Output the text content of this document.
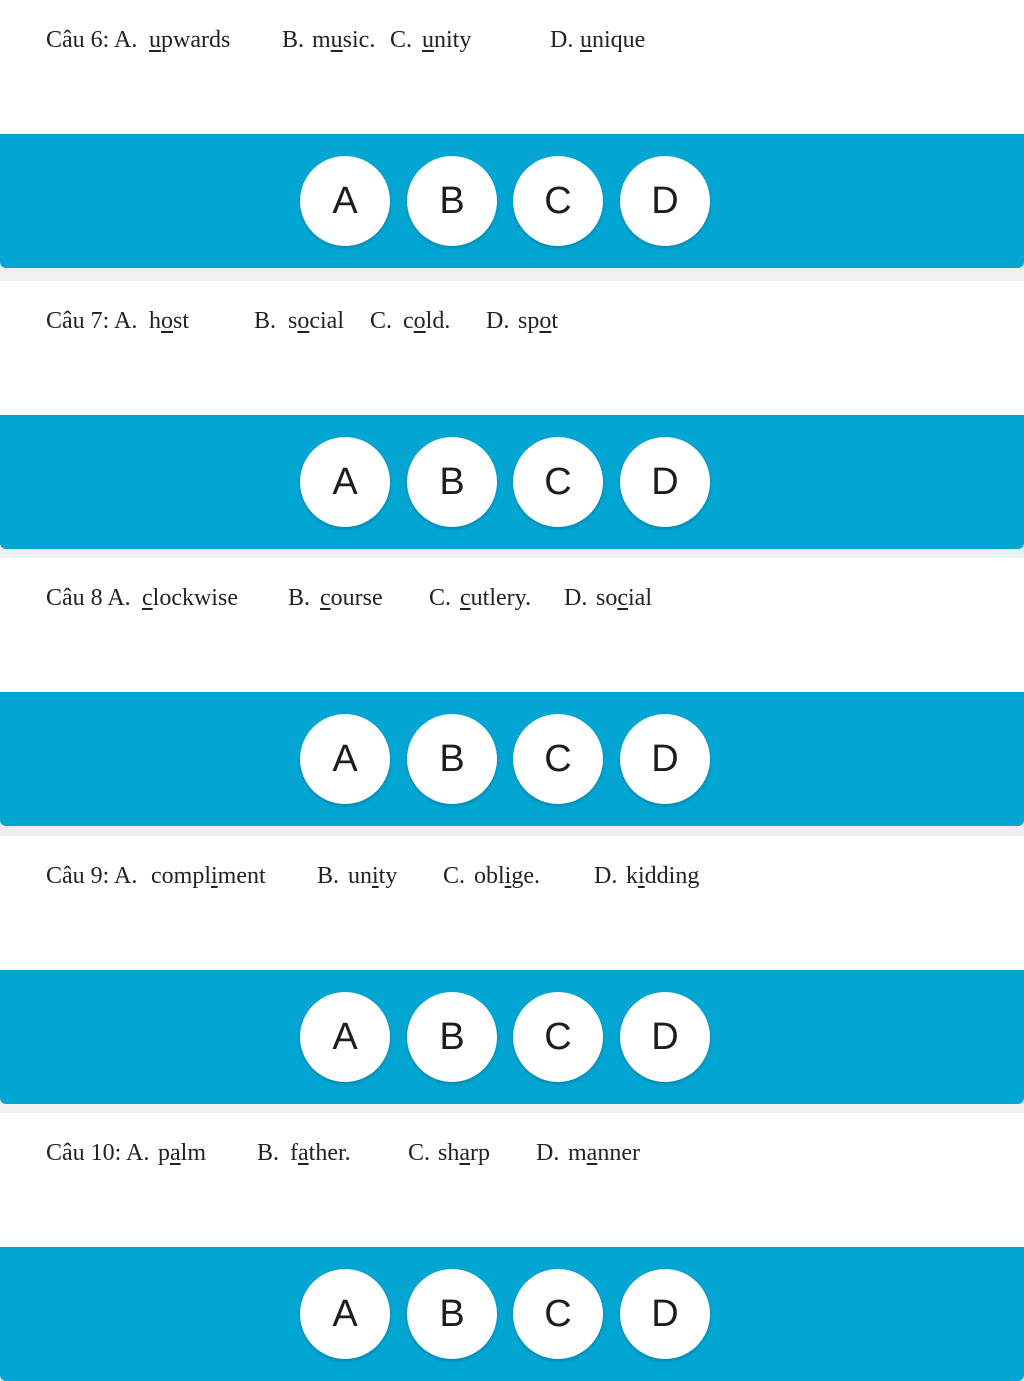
Câu 6: A. upwards B. music. C. unity	D. unique
A	B	C	D
Câu 7: A. host	B. social C. cold. D. spot
A	B	C	D
Câu 8 A. clockwise B. course C. cutlery. D. social
A	B	C	D
Câu 9: A. compliment B. unity C. oblige. D. kidding
A	B	C	D
Câu 10: A. palm B. father. C. sharp D. manner
A	B	C	D
